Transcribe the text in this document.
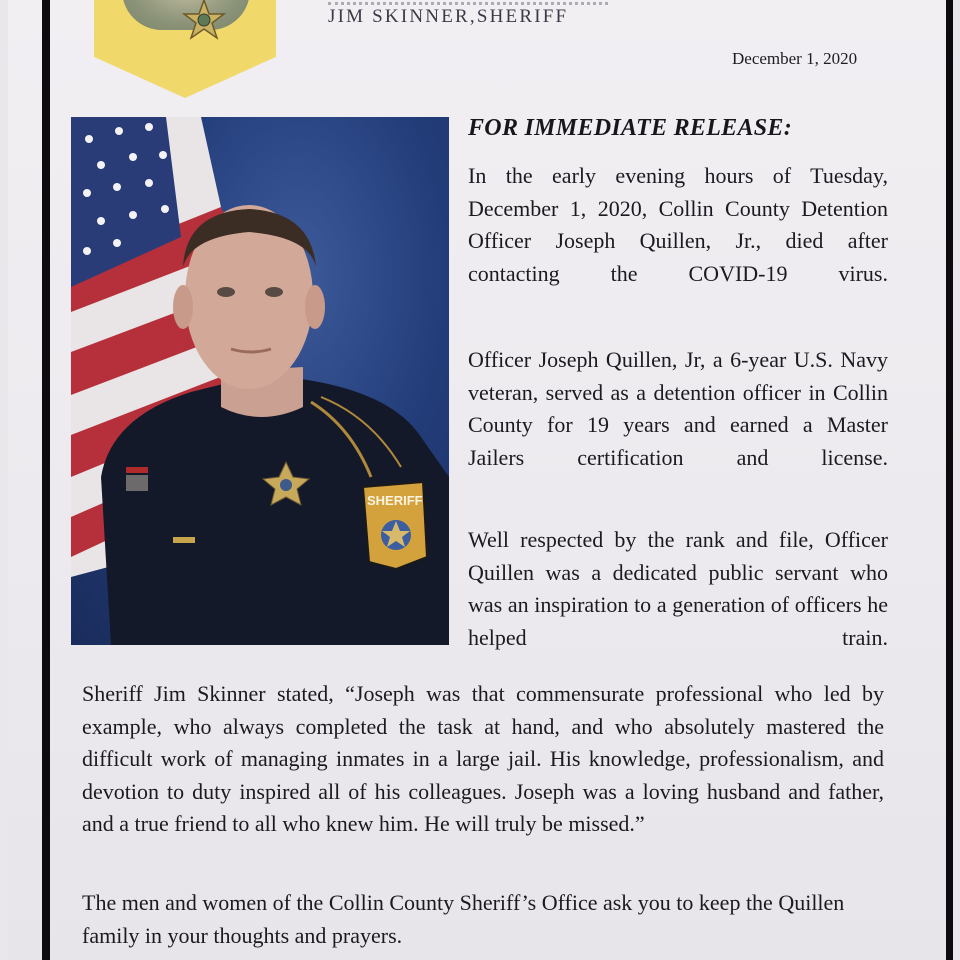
JIM SKINNER,SHERIFF
December 1, 2020
SHERIFF
FOR IMMEDIATE RELEASE:

In the early evening hours of Tuesday, December 1, 2020, Collin County Detention Officer Joseph Quillen, Jr., died after contacting the COVID-19 virus.

Officer Joseph Quillen, Jr, a 6-year U.S. Navy veteran, served as a detention officer in Collin County for 19 years and earned a Master Jailers certification and license.

Well respected by the rank and file, Officer Quillen was a dedicated public servant who was an inspiration to a generation of officers he helped train.

Sheriff Jim Skinner stated, “Joseph was that commensurate professional who led by example, who always completed the task at hand, and who absolutely mastered the difficult work of managing inmates in a large jail. His knowledge, professionalism, and devotion to duty inspired all of his colleagues. Joseph was a loving husband and father, and a true friend to all who knew him. He will truly be missed.”

The men and women of the Collin County Sheriff’s Office ask you to keep the Quillen family in your thoughts and prayers.
